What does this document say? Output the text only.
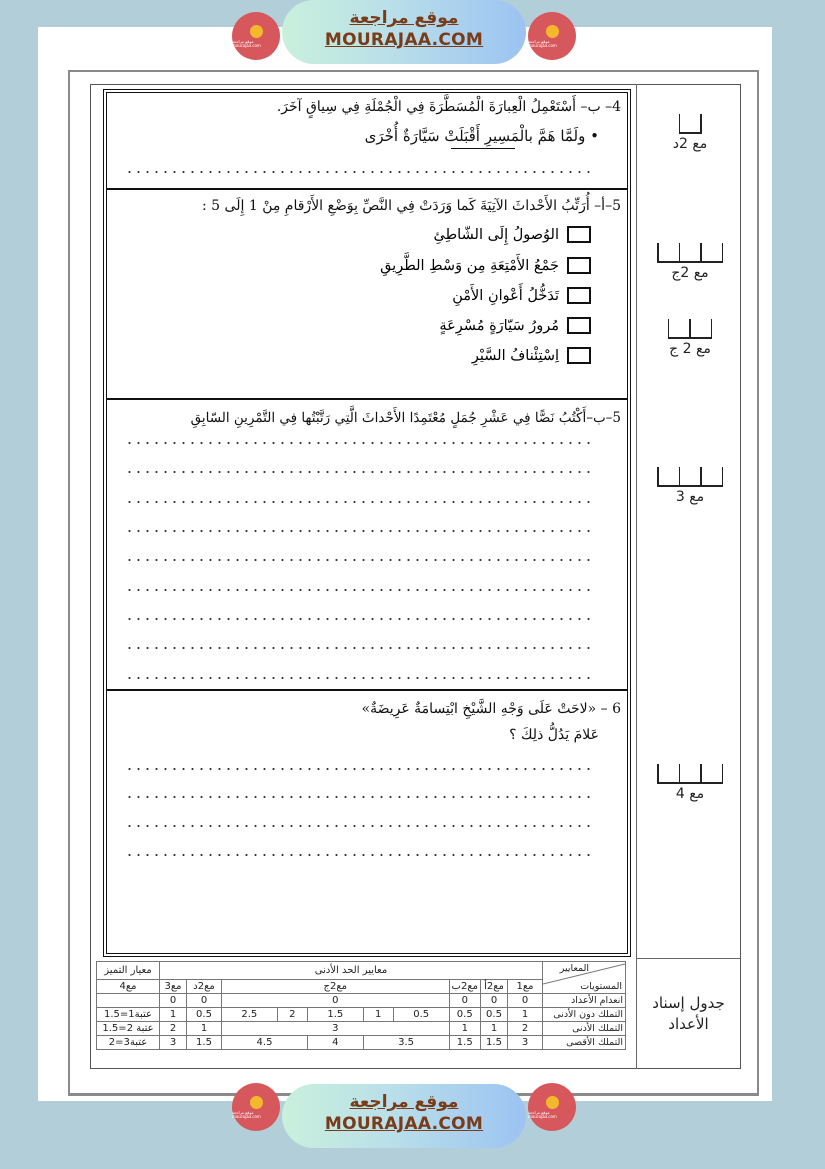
موقع مراجعة mourajaa.com
موقع مراجعة
MOURAJAA.COM	موقع مراجعة mourajaa.com
4– ب– أَسْتَعْمِلُ الْعِبارَةَ الْمُسَطَّرَةَ فِي الْجُمْلَةِ فِي سِياقٍ آخَرَ.
• ولَمَّا هَمَّ بالْمَسِيرِ أَقْبَلَتْ سَيَّارَةٌ أُخْرَى
5–أ– أُرَتِّبُ الأَحْداثَ الآتِيَةَ كَما وَرَدَتْ فِي النَّصِّ بِوَضْعِ الأَرْقامِ مِنْ 1 إِلَى 5 :
الوُصولُ إِلَى الشّاطِئِ
جَمْعُ الأَمْتِعَةِ مِن وَسْطِ الطَّرِيقِ
تَدَخُّلُ أَعْوانِ الأَمْنِ
مُرورُ سَيّارَةٍ مُسْرِعَةٍ
اِسْتِئْنافُ السَّيْرِ
5–ب–أَكْتُبُ نَصًّا فِي عَشْرِ جُمَلٍ مُعْتَمِدًا الأَحْداثَ الَّتِي رَتَّبْتُها فِي التَّمْرِينِ السّابِقِ
6 – «لاحَتْ عَلَى وَجْهِ الشَّيْخِ ابْتِسامَةٌ عَرِيضَةٌ»
عَلامَ يَدُلُّ ذلِكَ ؟
مع 2د
مع 2ج
مع 2 ج
مع 3
مع 4
المعايير
المستويات	معايير الحد الأدنى										معيار التميز
	مع1	مع2أ	مع2ب	مع2ج					مع2د	مع3	مع4
انعدام الأعداد	0	0	0	0					0	0	
التملك دون الأدنى	1	0.5	0.5	0.5	1	1.5	2	2.5	0.5	1	عتبة1=1.5
التملك الأدنى	2	1	1	3					1	2	عتبة 2=1.5
التملك الأقصى	3	1.5	1.5	3.5		4	4.5		1.5	3	عتبة3=2
جدول إسناد الأعداد
موقع مراجعة mourajaa.com
موقع مراجعة
MOURAJAA.COM
موقع مراجعة mourajaa.com
